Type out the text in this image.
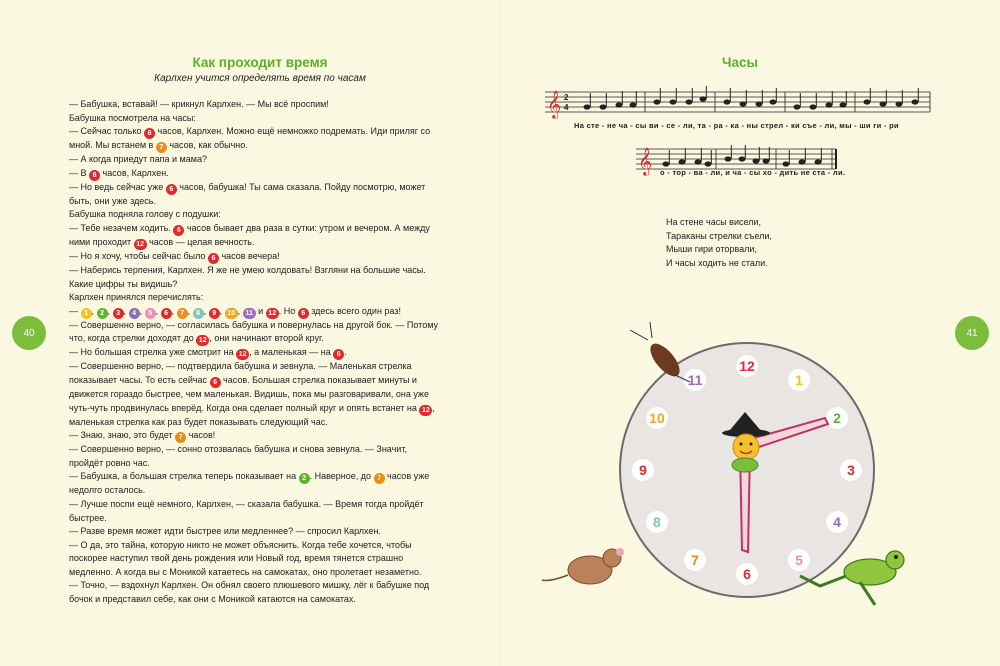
40
Как проходит время
Карлхен учится определять время по часам

— Бабушка, вставай! — крикнул Карлхен. — Мы всё проспим!

Бабушка посмотрела на часы:

— Сейчас только 6 часов, Карлхен. Можно ещё немножко подремать. Иди приляг со мной. Мы встанем в 7 часов, как обычно.

— А когда приедут папа и мама?

— В 6 часов, Карлхен.

— Но ведь сейчас уже 6 часов, бабушка! Ты сама сказала. Пойду посмотрю, может быть, они уже здесь.

Бабушка подняла голову с подушки:

— Тебе незачем ходить. 6 часов бывает два раза в сутки: утром и вечером. А между ними проходит 12 часов — целая вечность.

— Но я хочу, чтобы сейчас было 6 часов вечера!

— Наберись терпения, Карлхен. Я же не умею колдовать! Взгляни на большие часы. Какие цифры ты видишь?

Карлхен принялся перечислять:

— 1 , 2 , 3 , 4 , 5 , 6 , 7 , 8 , 9 , 10 , 11 и 12 . Но 6 здесь всего один раз!

— Совершенно верно, — согласилась бабушка и повернулась на другой бок. — Потому что, когда стрелки доходят до 12 , они начинают второй круг.

— Но большая стрелка уже смотрит на 12 , а маленькая — на 6 .

— Совершенно верно, — подтвердила бабушка и зевнула. — Маленькая стрелка показывает часы. То есть сейчас 6 часов. Большая стрелка показывает минуты и движется гораздо быстрее, чем маленькая. Видишь, пока мы разговаривали, она уже чуть-чуть продвинулась вперёд. Когда она сделает полный круг и опять встанет на 12 , маленькая стрелка как раз будет показывать следующий час.

— Знаю, знаю, это будет 7 часов!

— Совершенно верно, — сонно отозвалась бабушка и снова зевнула. — Значит, пройдёт ровно час.

— Бабушка, а большая стрелка теперь показывает на 2 . Наверное, до 7 часов уже недолго осталось.

— Лучше поспи ещё немного, Карлхен, — сказала бабушка. — Время тогда пройдёт быстрее.

— Разве время может идти быстрее или медленнее? — спросил Карлхен.

— О да, это тайна, которую никто не может объяснить. Когда тебе хочется, чтобы поскорее наступил твой день рождения или Новый год, время тянется страшно медленно. А когда вы с Моникой катаетесь на самокатах, оно пролетает незаметно.

— Точно, — вздохнул Карлхен. Он обнял своего плюшевого мишку, лёг к бабушке под бочок и представил себе, как они с Моникой катаются на самокатах.

41
Часы
𝄞 2
4
На сте - не ча - сы ви - се - ли, та - ра - ка - ны стрел - ки съе - ли, мы - ши ги - ри
𝄞 о - тор - ва - ли, и ча - сы хо - дить не ста - ли.

На стене часы висели,

Тараканы стрелки съели,

Мыши гири оторвали,

И часы ходить не стали.

12
1
2
3
4
5
6
7
8
9
10
11
